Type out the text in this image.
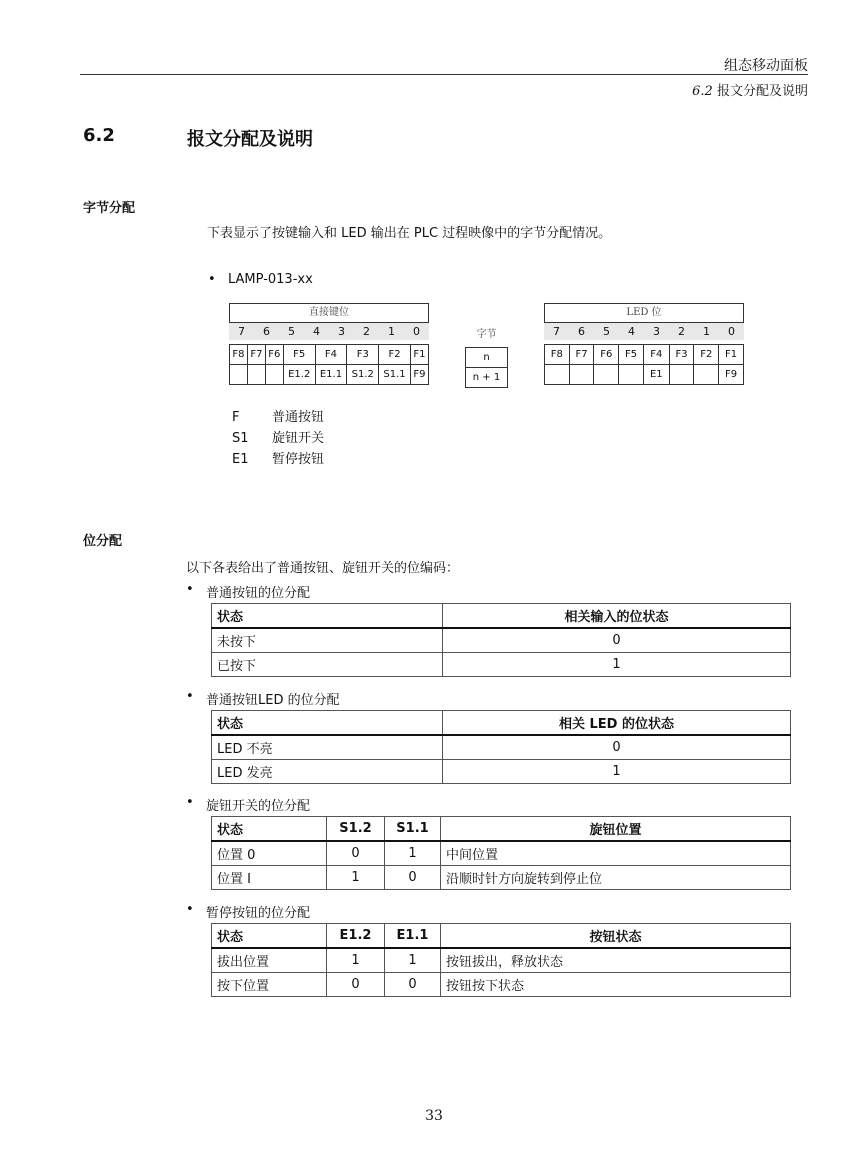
组态移动面板
6.2 报文分配及说明
6.2	报文分配及说明
字节分配
下表显示了按键输入和 LED 输出在 PLC 过程映像中的字节分配情况。
• LAMP-013-xx
直接键位
7	6	5	4	3	2	1	0
F8	F7	F6	F5	F4	F3	F2	F1
			E1.2	E1.1	S1.2	S1.1	F9
字节
n
n + 1
LED 位
7	6	5	4	3	2	1	0
F8	F7	F6	F5	F4	F3	F2	F1
				E1			F9
F	普通按钮
S1 旋钮开关
E1 暂停按钮
位分配
以下各表给出了普通按钮、旋钮开关的位编码：
• 普通按钮的位分配
状态	相关输入的位状态
未按下	0
已按下	1
• 普通按钮LED 的位分配
状态	相关 LED 的位状态
LED 不亮	0
LED 发亮	1
• 旋钮开关的位分配
状态	S1.2	S1.1	旋钮位置
位置 0	0	1	中间位置
位置 I	1	0	沿顺时针方向旋转到停止位
• 暂停按钮的位分配
状态	E1.2	E1.1	按钮状态
拔出位置	1	1	按钮拔出，释放状态
按下位置	0	0	按钮按下状态
33
